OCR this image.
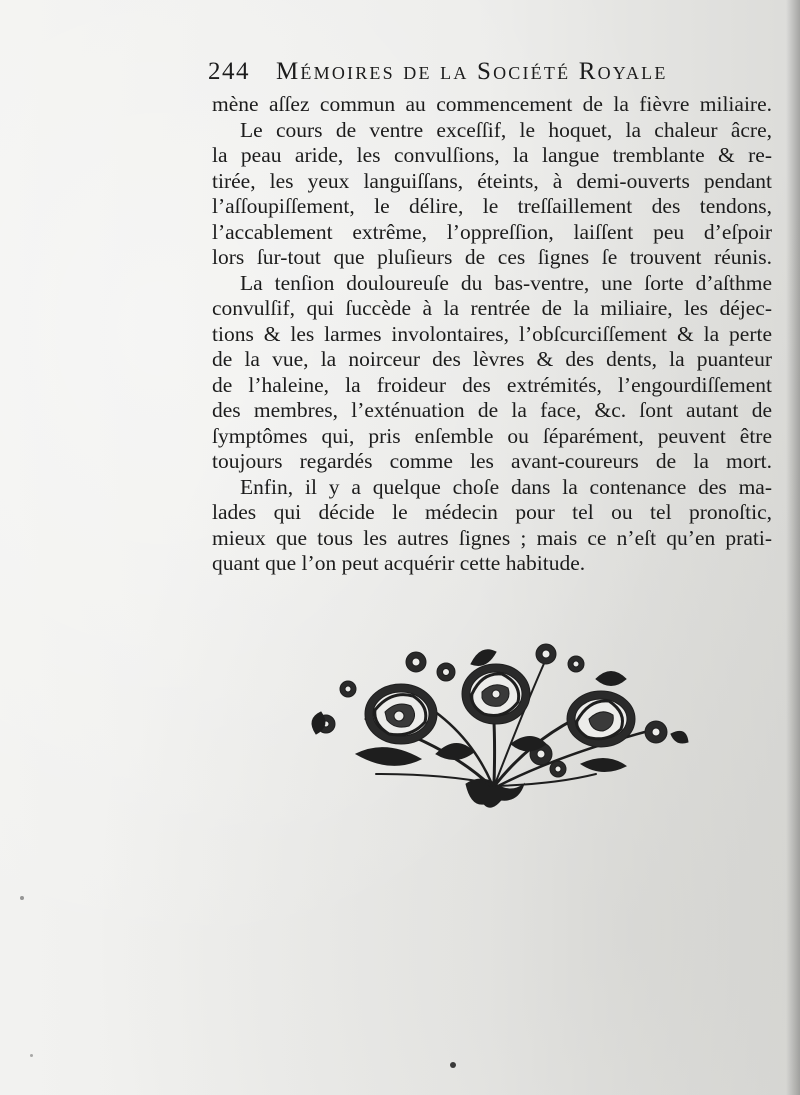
244 Mémoires de la Société Royale
mène aſſez commun au commencement de la fièvre miliaire.
Le cours de ventre exceſſif, le hoquet, la chaleur âcre,
la peau aride, les convulſions, la langue tremblante & re-
tirée, les yeux languiſſans, éteints, à demi-ouverts pendant
l’aſſoupiſſement, le délire, le treſſaillement des tendons,
l’accablement extrême, l’oppreſſion, laiſſent peu d’eſpoir
lors ſur-tout que pluſieurs de ces ſignes ſe trouvent réunis.
La tenſion douloureuſe du bas-ventre, une ſorte d’aſthme
convulſif, qui ſuccède à la rentrée de la miliaire, les déjec-
tions & les larmes involontaires, l’obſcurciſſement & la perte
de la vue, la noirceur des lèvres & des dents, la puanteur
de l’haleine, la froideur des extrémités, l’engourdiſſement
des membres, l’exténuation de la face, &c. ſont autant de
ſymptômes qui, pris enſemble ou ſéparément, peuvent être
toujours regardés comme les avant-coureurs de la mort.
Enfin, il y a quelque choſe dans la contenance des ma-
lades qui décide le médecin pour tel ou tel pronoſtic,
mieux que tous les autres ſignes ; mais ce n’eſt qu’en prati-
quant que l’on peut acquérir cette habitude.
